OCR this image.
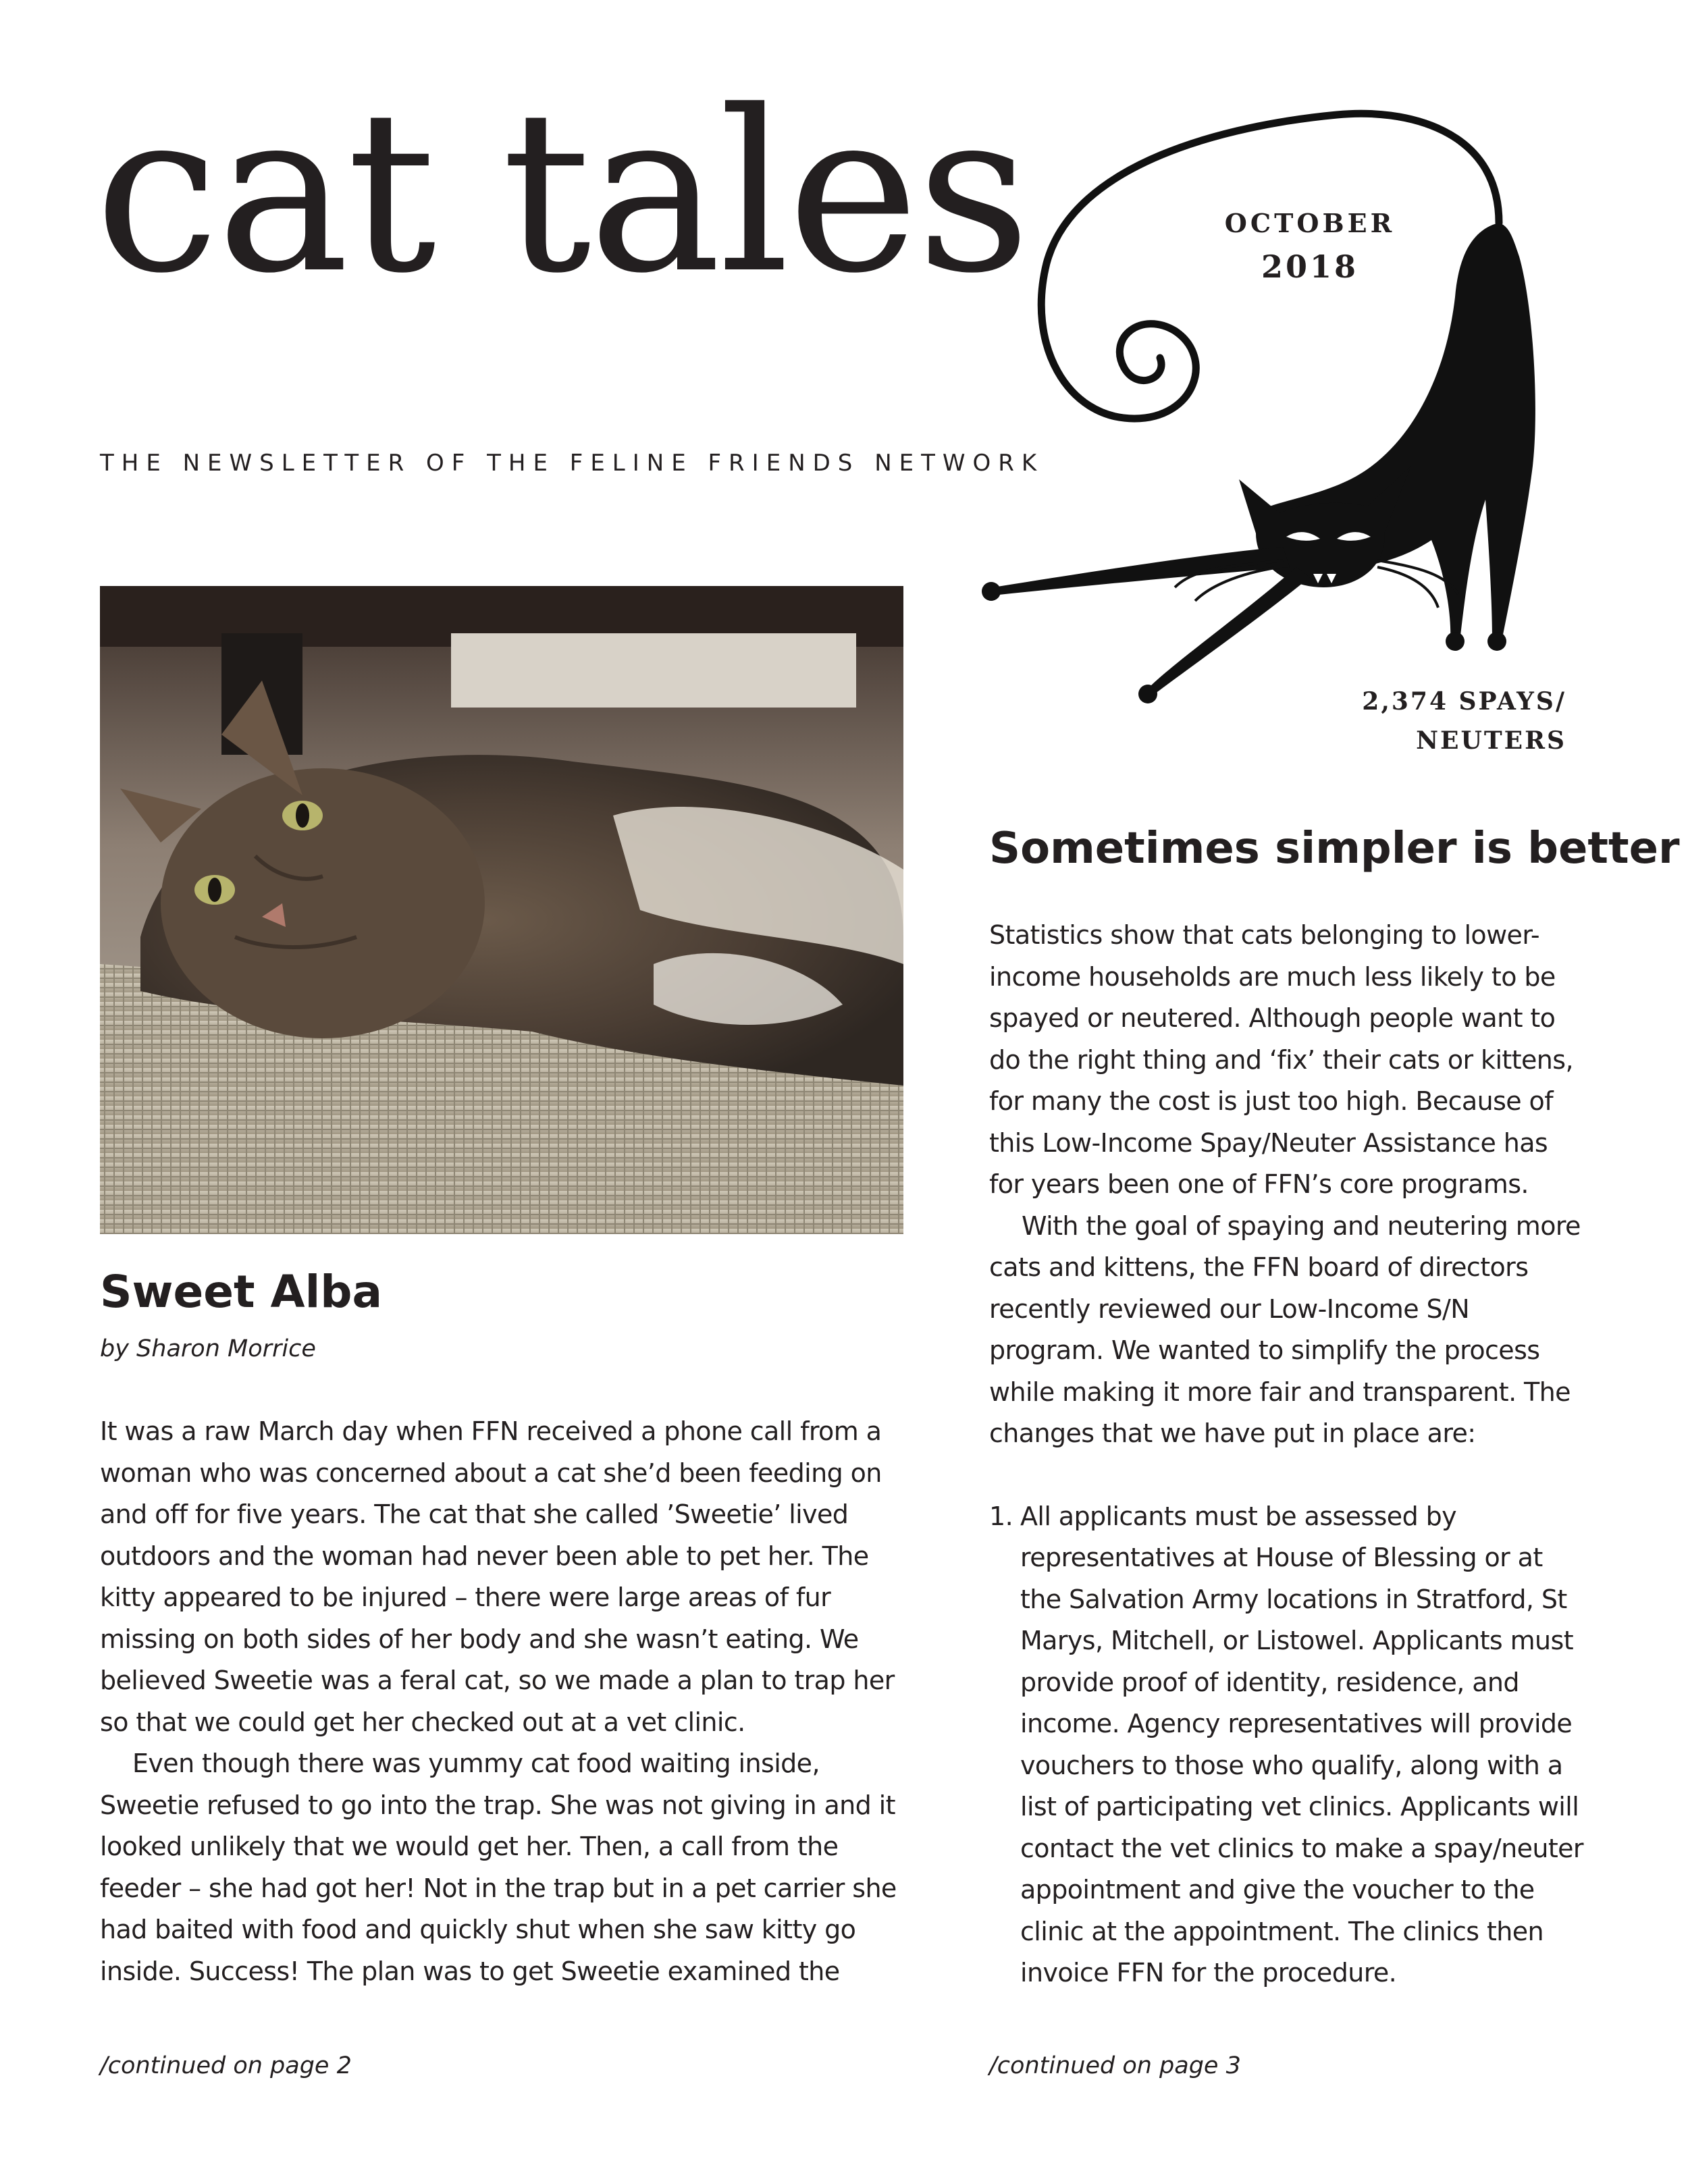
cat tales
THE NEWSLETTER OF THE FELINE FRIENDS NETWORK
OCTOBER
2018
2,374 SPAYS/
NEUTERS
Sweet Alba
by Sharon Morrice

It was a raw March day when FFN received a phone call from a woman who was concerned about a cat she’d been feeding on and off for five years. The cat that she called ’Sweetie’ lived outdoors and the woman had never been able to pet her. The kitty appeared to be injured – there were large areas of fur missing on both sides of her body and she wasn’t eating. We believed Sweetie was a feral cat, so we made a plan to trap her so that we could get her checked out at a vet clinic.

Even though there was yummy cat food waiting inside, Sweetie refused to go into the trap. She was not giving in and it looked unlikely that we would get her. Then, a call from the feeder – she had got her! Not in the trap but in a pet carrier she had baited with food and quickly shut when she saw kitty go inside. Success! The plan was to get Sweetie examined the

/continued on page 2
Sometimes simpler is better

Statistics show that cats belonging to lower-income households are much less likely to be spayed or neutered. Although people want to do the right thing and ‘fix’ their cats or kittens, for many the cost is just too high. Because of this Low-Income Spay/Neuter Assistance has for years been one of FFN’s core programs.

With the goal of spaying and neutering more cats and kittens, the FFN board of directors recently reviewed our Low-Income S/N program. We wanted to simplify the process while making it more fair and transparent. The changes that we have put in place are:

1. All applicants must be assessed by representatives at House of Blessing or at the Salvation Army locations in Stratford, St Marys, Mitchell, or Listowel. Applicants must provide proof of identity, residence, and income. Agency representatives will provide vouchers to those who qualify, along with a list of participating vet clinics. Applicants will contact the vet clinics to make a spay/neuter appointment and give the voucher to the clinic at the appointment. The clinics then invoice FFN for the procedure.
/continued on page 3
